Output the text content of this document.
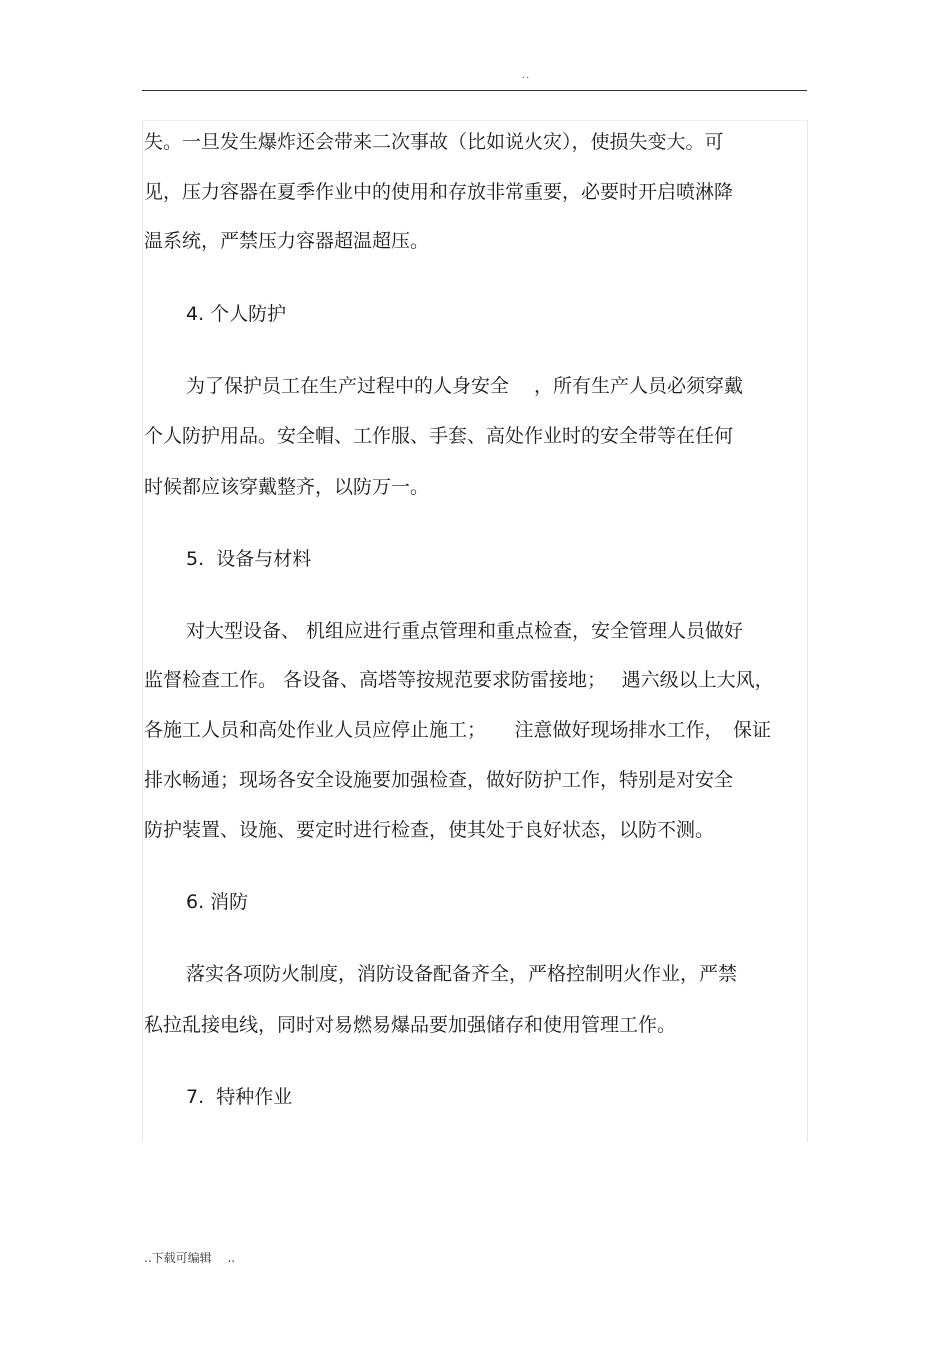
..
失。一旦发生爆炸还会带来二次事故（比如说火灾），使损失变大。可
见，压力容器在夏季作业中的使用和存放非常重要，必要时开启喷淋降
温系统，严禁压力容器超温超压。
4. 个人防护
为了保护员工在生产过程中的人身安全　 ，所有生产人员必须穿戴
个人防护用品。安全帽、工作服、手套、高处作业时的安全带等在任何
时候都应该穿戴整齐，以防万一。
5.  设备与材料
对大型设备、 机组应进行重点管理和重点检查，安全管理人员做好
监督检查工作。 各设备、高塔等按规范要求防雷接地；　 遇六级以上大风，
各施工人员和高处作业人员应停止施工；　　注意做好现场排水工作，　保证
排水畅通；现场各安全设施要加强检查，做好防护工作，特别是对安全
防护装置、设施、要定时进行检查，使其处于良好状态，以防不测。
6. 消防
落实各项防火制度，消防设备配备齐全，严格控制明火作业，严禁
私拉乱接电线，同时对易燃易爆品要加强储存和使用管理工作。
7.  特种作业
..下载可编辑　 ..
